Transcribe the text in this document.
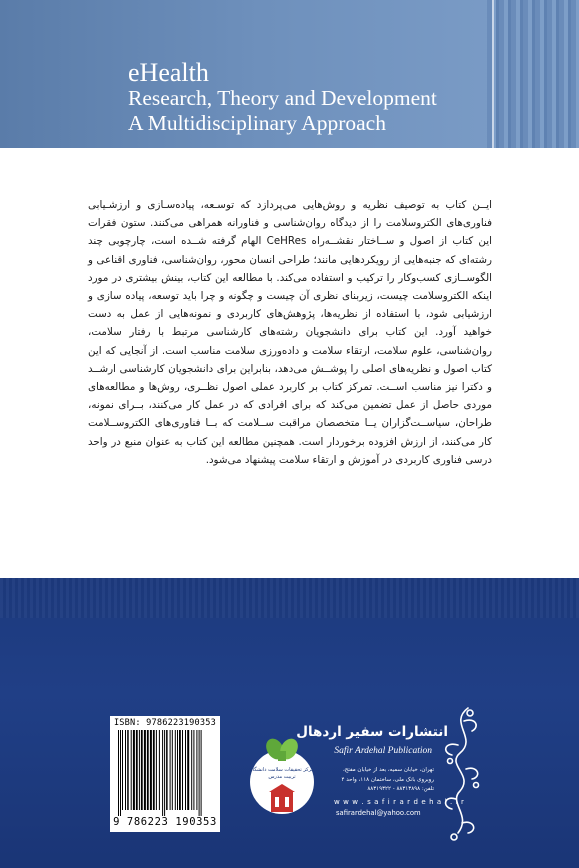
eHealth
Research, Theory and Development
A Multidisciplinary Approach

ایــن کتاب به توصیف نظریه و روش‌هایی می‌پردازد که توسـعه، پیاده‌سـازی و ارزشـیابی فناوری‌های الکترو‌سلامت را از دیدگاه روان‌شناسی و فناورانه همراهی می‌کنند. ستون فقرات این کتاب از اصول و ســاختار نقشــه‌راه CeHRes الهام گرفته شــده است، چارچوبی چند رشته‌ای که جنبه‌هایی از رویکردهایی مانند؛ طراحی انسان محور، روان‌شناسی، فناوری اقناعی و الگوســازی کسب‌وکار را ترکیب و استفاده می‌کند. با مطالعه این کتاب، بینش بیشتری در مورد اینکه الکترو‌سلامت چیست، زیربنای نظری آن چیست و چگونه و چرا باید توسعه، پیاده سازی و ارزشیابی شود، با استفاده از نظریه‌ها، پژوهش‌های کاربردی و نمونه‌هایی از عمل به دست خواهید آورد. این کتاب برای دانشجویان رشته‌های کارشناسی مرتبط با رفتار سلامت، روان‌شناسی، علوم سلامت، ارتقاء سلامت و داده‌ورزی سلامت مناسب است. از آنجایی که این کتاب اصول و نظریه‌های اصلی را پوشــش می‌دهد، بنابراین برای دانشجویان کارشناسی ارشــد و دکترا نیز مناسب اســت. تمرکز کتاب بر کاربرد عملی اصول نظــری، روش‌ها و مطالعه‌های موردی حاصل از عمل تضمین می‌کند که برای افرادی که در عمل کار می‌کنند، بــرای نمونه، طراحان، سیاســت‌گزاران یــا متخصصان مراقبت ســلامت که بــا فناوری‌های الکترو‌ســلامت کار می‌کنند، از ارزش افزوده برخوردار است. همچنین مطالعه این کتاب به عنوان منبع در واحد درسی فناوری کاربردی در آموزش و ارتقاء سلامت پیشنهاد می‌شود.

ISBN: 9786223190353
9 786223 190353
مرکز تحقیقات سلامت دانشگاه تربیت مدرس
انتشارات سفیر اردهال
Safir Ardehal Publication

تهران، خیابان سمیه، بعد از خیابان مفتح،
روبروی بانک ملی، ساختمان ۱۱۸، واحد ۴
تلفن: ۸۸۳۱۳۸۹۸ - ۸۸۳۱۹۳۲۲

w w w . s a f i r a r d e h a l . i r
safirardehal@yahoo.com
